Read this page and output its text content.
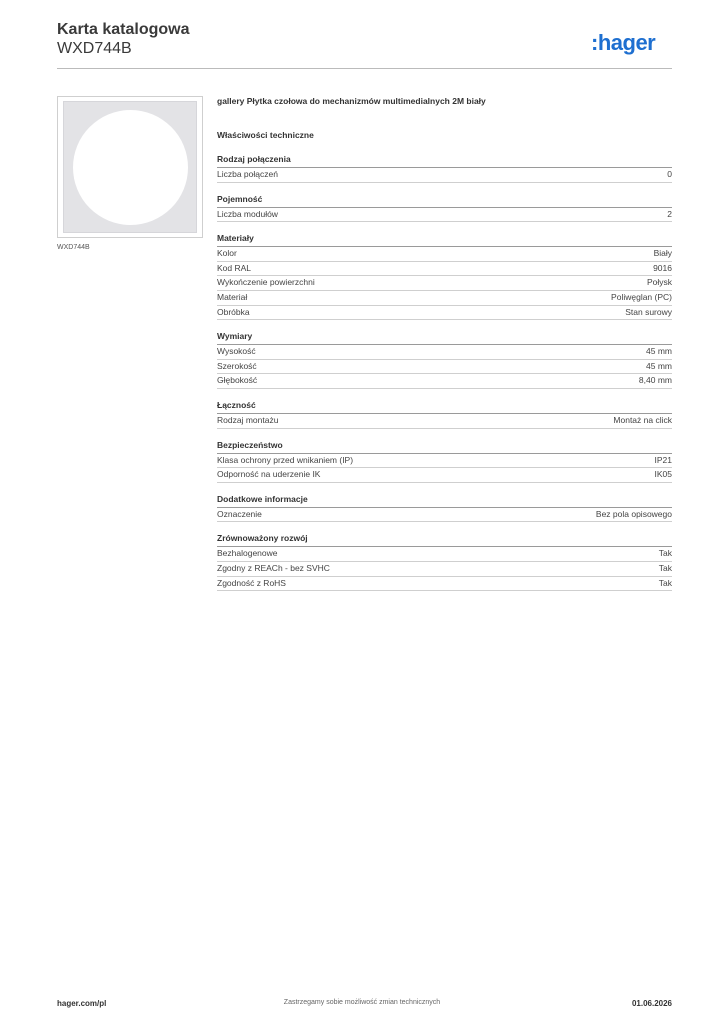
Karta katalogowa
WXD744B	:hager
WXD744B
gallery Płytka czołowa do mechanizmów multimedialnych 2M biały
Właściwości techniczne
Rodzaj połączenia
Liczba połączeń	0
Pojemność
Liczba modułów	2
Materiały
Kolor	Biały
Kod RAL	9016
Wykończenie powierzchni	Połysk
Materiał	Poliwęglan (PC)
Obróbka	Stan surowy
Wymiary
Wysokość	45 mm
Szerokość	45 mm
Głębokość	8,40 mm
Łączność
Rodzaj montażu	Montaż na click
Bezpieczeństwo
Klasa ochrony przed wnikaniem (IP)	IP21
Odporność na uderzenie IK	IK05
Dodatkowe informacje
Oznaczenie	Bez pola opisowego
Zrównoważony rozwój
Bezhalogenowe	Tak
Zgodny z REACh - bez SVHC	Tak
Zgodność z RoHS	Tak
hager.com/pl	Zastrzegamy sobie możliwość zmian technicznych	01.06.2026
